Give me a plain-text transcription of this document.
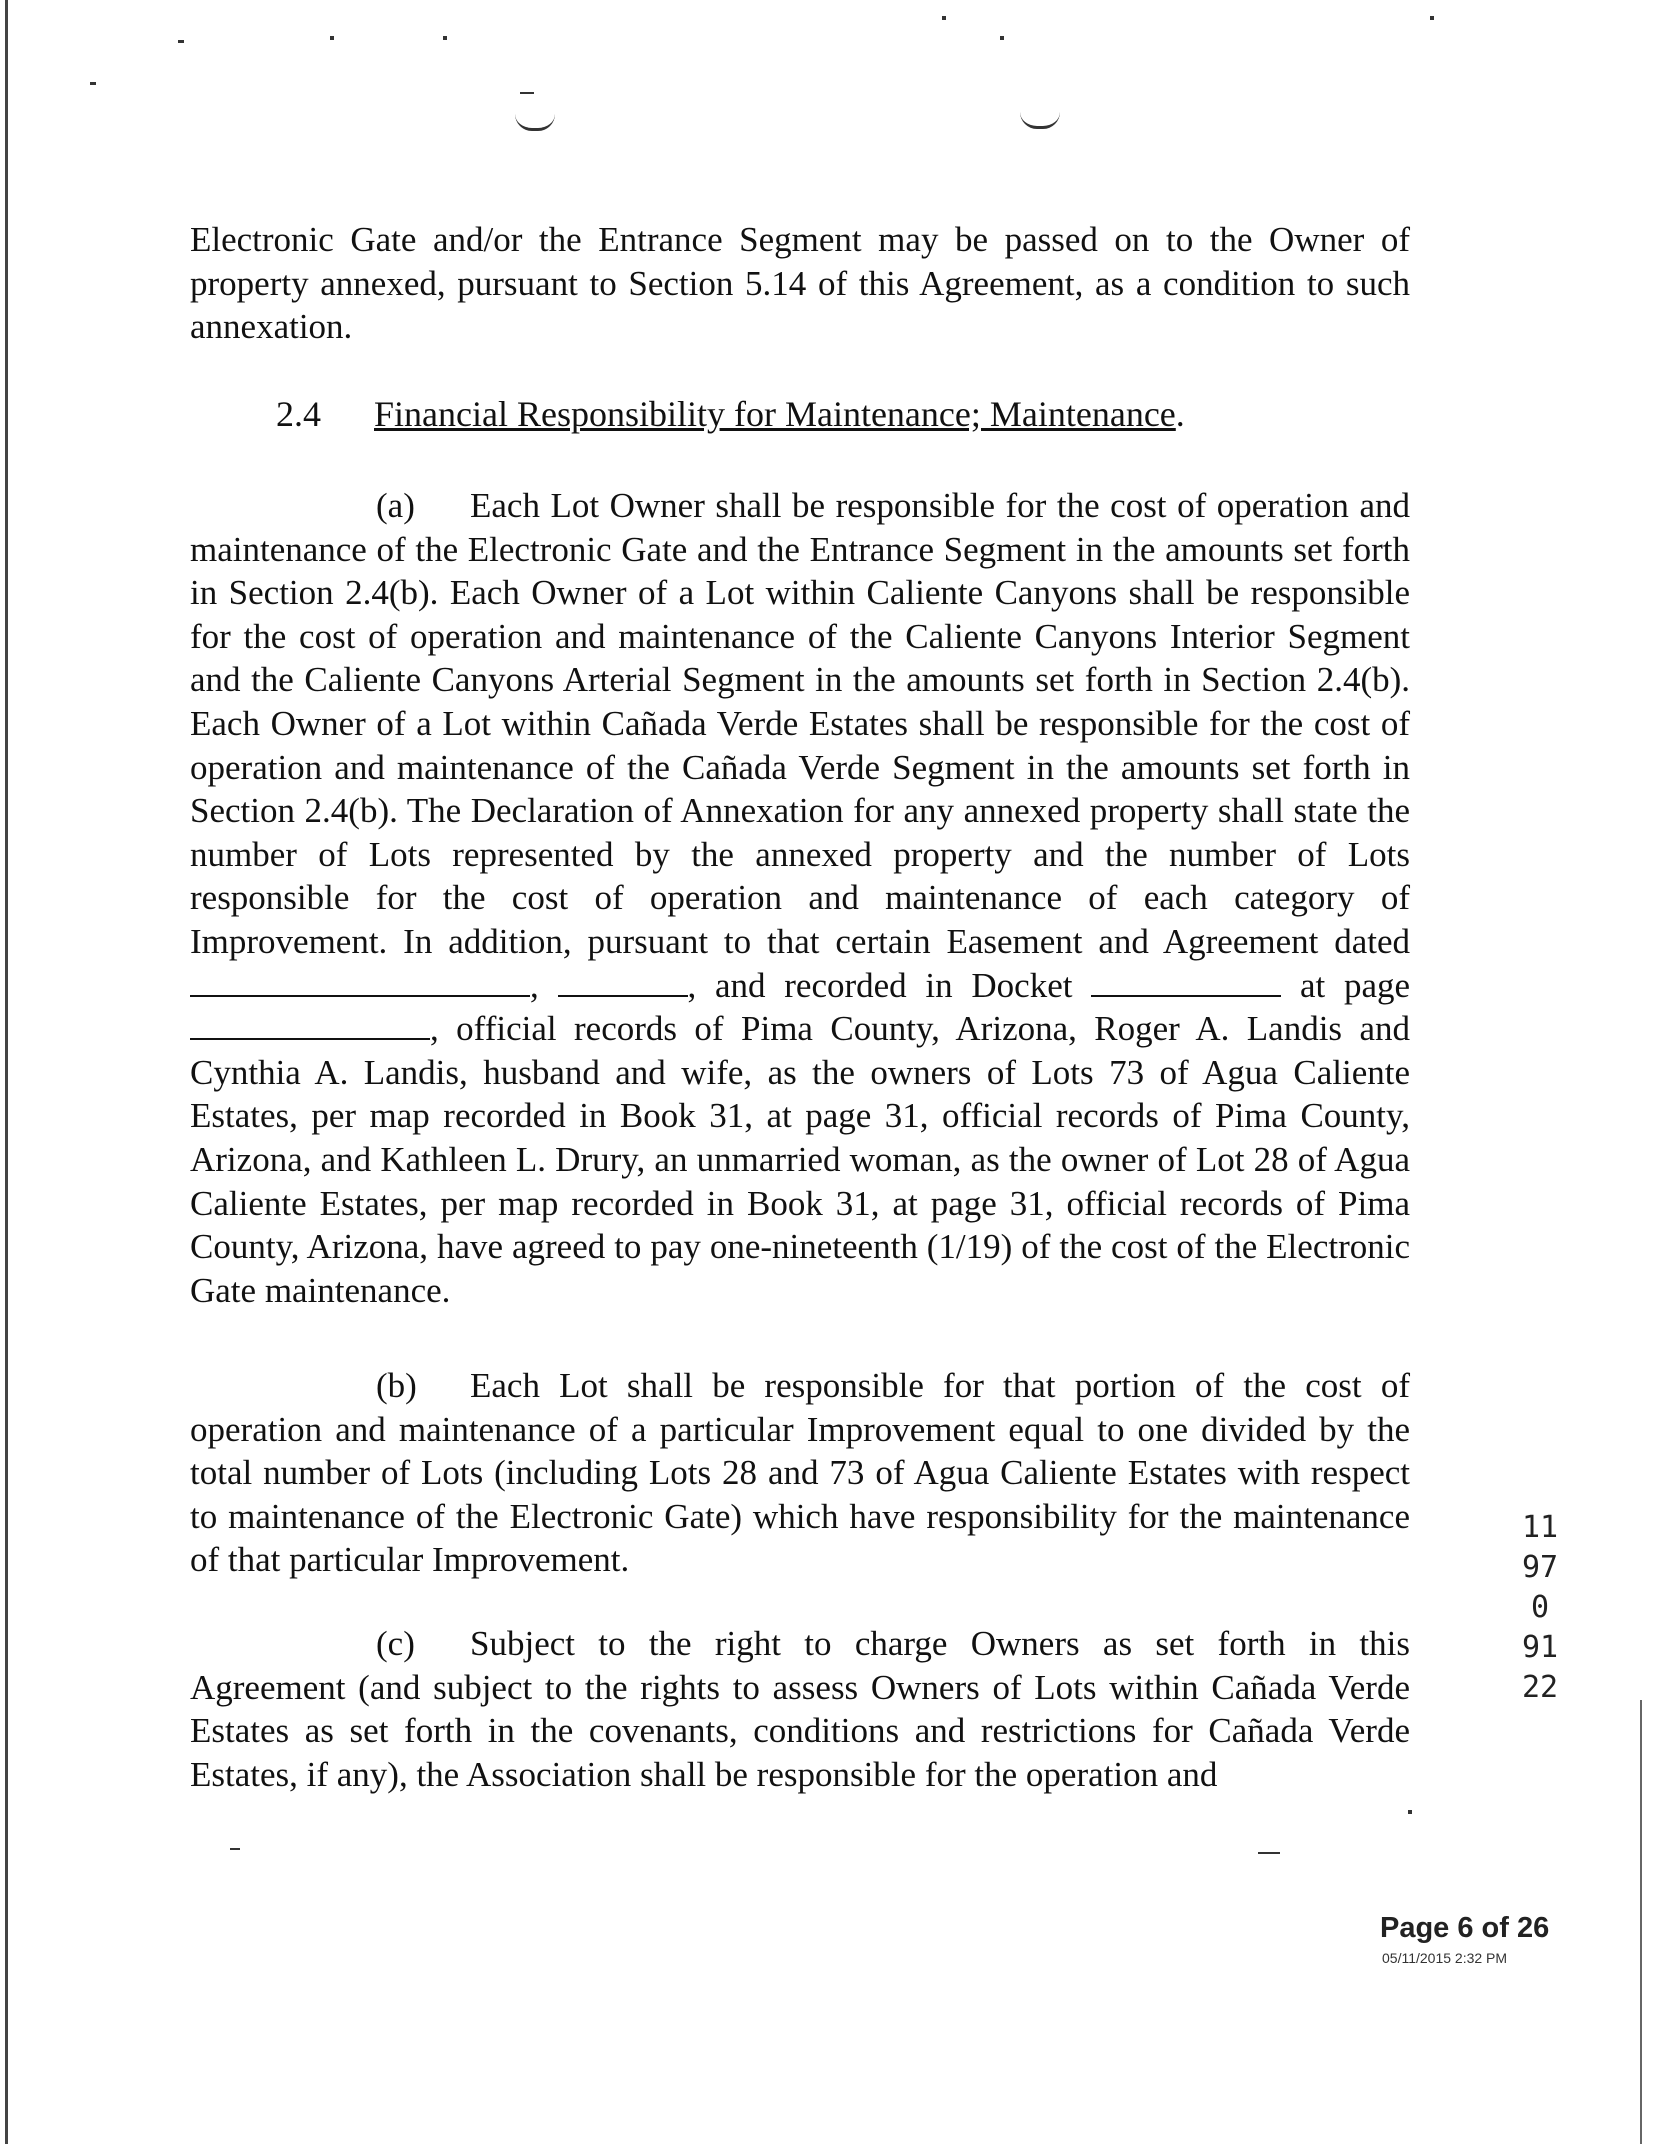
Electronic Gate and/or the Entrance Segment may be passed on to the Owner of property annexed, pursuant to Section 5.14 of this Agreement, as a condition to such annexation.

2.4 Financial Responsibility for Maintenance; Maintenance.

(a) Each Lot Owner shall be responsible for the cost of operation and maintenance of the Electronic Gate and the Entrance Segment in the amounts set forth in Section 2.4(b). Each Owner of a Lot within Caliente Canyons shall be responsible for the cost of operation and maintenance of the Caliente Canyons Interior Segment and the Caliente Canyons Arterial Segment in the amounts set forth in Section 2.4(b). Each Owner of a Lot within Cañada Verde Estates shall be responsible for the cost of operation and maintenance of the Cañada Verde Segment in the amounts set forth in Section 2.4(b). The Declaration of Annexation for any annexed property shall state the number of Lots represented by the annexed property and the number of Lots responsible for the cost of operation and maintenance of each category of Improvement. In addition, pursuant to that certain Easement and Agreement dated ,	, and recorded in Docket	at page , official records of Pima County, Arizona, Roger A. Landis and Cynthia A. Landis, husband and wife, as the owners of Lots 73 of Agua Caliente Estates, per map recorded in Book 31, at page 31, official records of Pima County, Arizona, and Kathleen L. Drury, an unmarried woman, as the owner of Lot 28 of Agua Caliente Estates, per map recorded in Book 31, at page 31, official records of Pima County, Arizona, have agreed to pay one-nineteenth (1/19) of the cost of the Electronic Gate maintenance.

(b) Each Lot shall be responsible for that portion of the cost of operation and maintenance of a particular Improvement equal to one divided by the total number of Lots (including Lots 28 and 73 of Agua Caliente Estates with respect to maintenance of the Electronic Gate) which have responsibility for the maintenance of that particular Improvement.

(c) Subject to the right to charge Owners as set forth in this Agreement (and subject to the rights to assess Owners of Lots within Cañada Verde Estates as set forth in the covenants, conditions and restrictions for Cañada Verde Estates, if any), the Association shall be responsible for the operation and

11970 9122
Page 6 of 26
05/11/2015 2:32 PM
